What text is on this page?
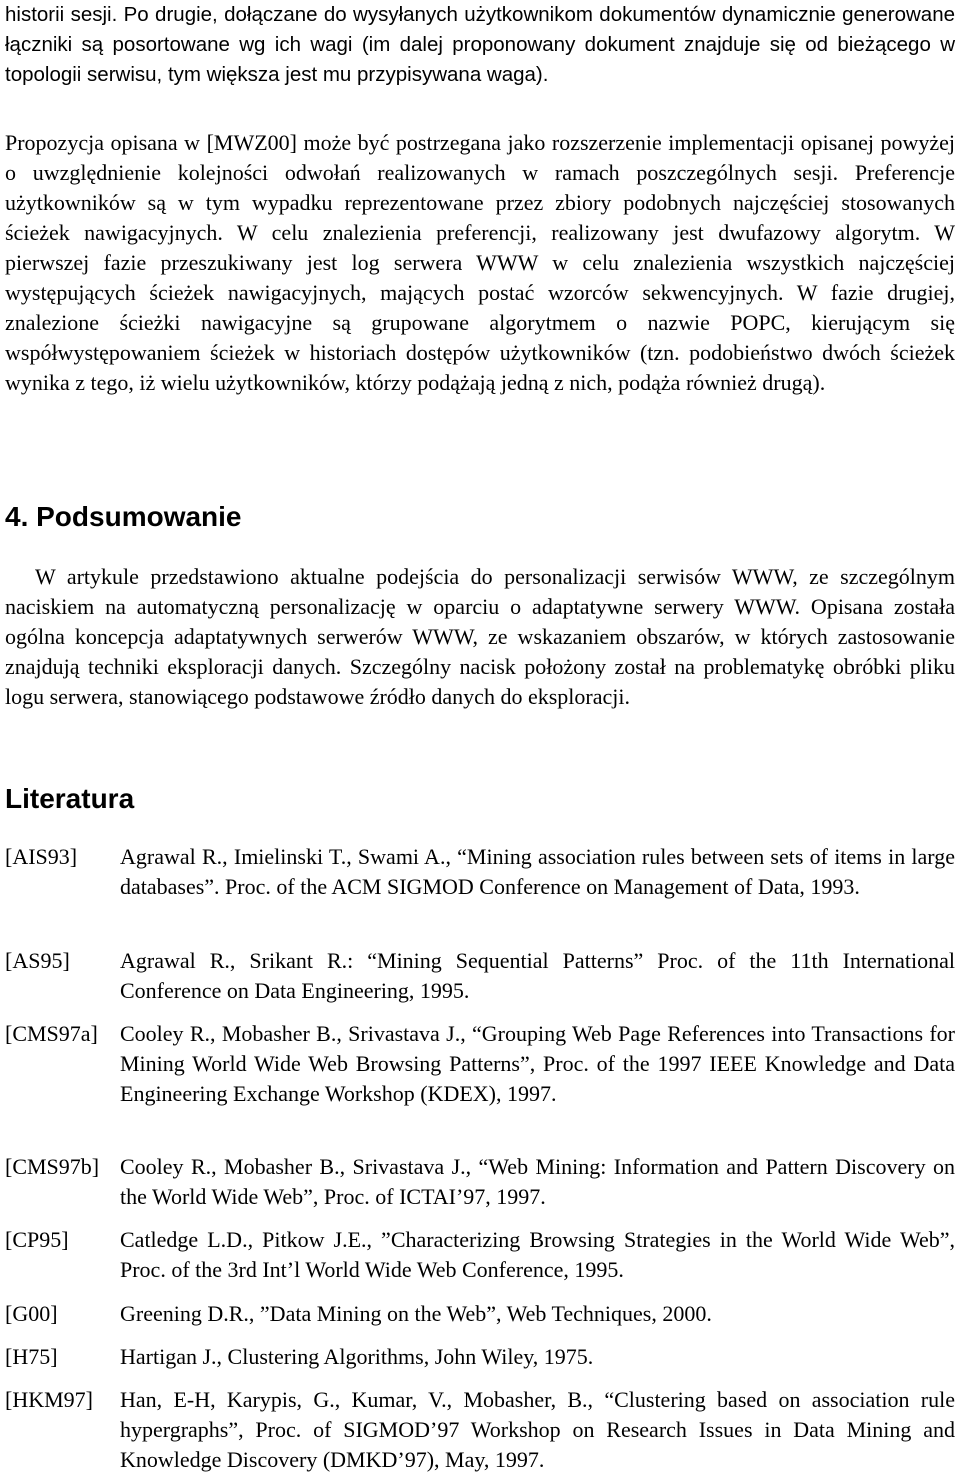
historii sesji. Po drugie, dołączane do wysyłanych użytkownikom dokumentów dynamicznie generowane łączniki są posortowane wg ich wagi (im dalej proponowany dokument znajduje się od bieżącego w topologii serwisu, tym większa jest mu przypisywana waga).

Propozycja opisana w [MWZ00] może być postrzegana jako rozszerzenie implementacji opisanej powyżej o uwzględnienie kolejności odwołań realizowanych w ramach poszczególnych sesji. Preferencje użytkowników są w tym wypadku reprezentowane przez zbiory podobnych najczęściej stosowanych ścieżek nawigacyjnych. W celu znalezienia preferencji, realizowany jest dwufazowy algorytm. W pierwszej fazie przeszukiwany jest log serwera WWW w celu znalezienia wszystkich najczęściej występujących ścieżek nawigacyjnych, mających postać wzorców sekwencyjnych. W fazie drugiej, znalezione ścieżki nawigacyjne są grupowane algorytmem o nazwie POPC, kierującym się współwystępowaniem ścieżek w historiach dostępów użytkowników (tzn. podobieństwo dwóch ścieżek wynika z tego, iż wielu użytkowników, którzy podążają jedną z nich, podąża również drugą).

4. Podsumowanie

W artykule przedstawiono aktualne podejścia do personalizacji serwisów WWW, ze szczególnym naciskiem na automatyczną personalizację w oparciu o adaptatywne serwery WWW. Opisana została ogólna koncepcja adaptatywnych serwerów WWW, ze wskazaniem obszarów, w których zastosowanie znajdują techniki eksploracji danych. Szczególny nacisk położony został na problematykę obróbki pliku logu serwera, stanowiącego podstawowe źródło danych do eksploracji.

Literatura
[AIS93] Agrawal R., Imielinski T., Swami A., “Mining association rules between sets of items in large databases”. Proc. of the ACM SIGMOD Conference on Management of Data, 1993.
[AS95] Agrawal R., Srikant R.: “Mining Sequential Patterns” Proc. of the 11th International Conference on Data Engineering, 1995.
[CMS97a] Cooley R., Mobasher B., Srivastava J., “Grouping Web Page References into Transactions for Mining World Wide Web Browsing Patterns”, Proc. of the 1997 IEEE Knowledge and Data Engineering Exchange Workshop (KDEX), 1997.
[CMS97b] Cooley R., Mobasher B., Srivastava J., “Web Mining: Information and Pattern Discovery on the World Wide Web”, Proc. of ICTAI’97, 1997.
[CP95] Catledge L.D., Pitkow J.E., ”Characterizing Browsing Strategies in the World Wide Web”, Proc. of the 3rd Int’l World Wide Web Conference, 1995.
[G00]	Greening D.R., ”Data Mining on the Web”, Web Techniques, 2000.
[H75]	Hartigan J., Clustering Algorithms, John Wiley, 1975.
[HKM97] Han, E-H, Karypis, G., Kumar, V., Mobasher, B., “Clustering based on association rule hypergraphs”, Proc. of SIGMOD’97 Workshop on Research Issues in Data Mining and Knowledge Discovery (DMKD’97), May, 1997.
